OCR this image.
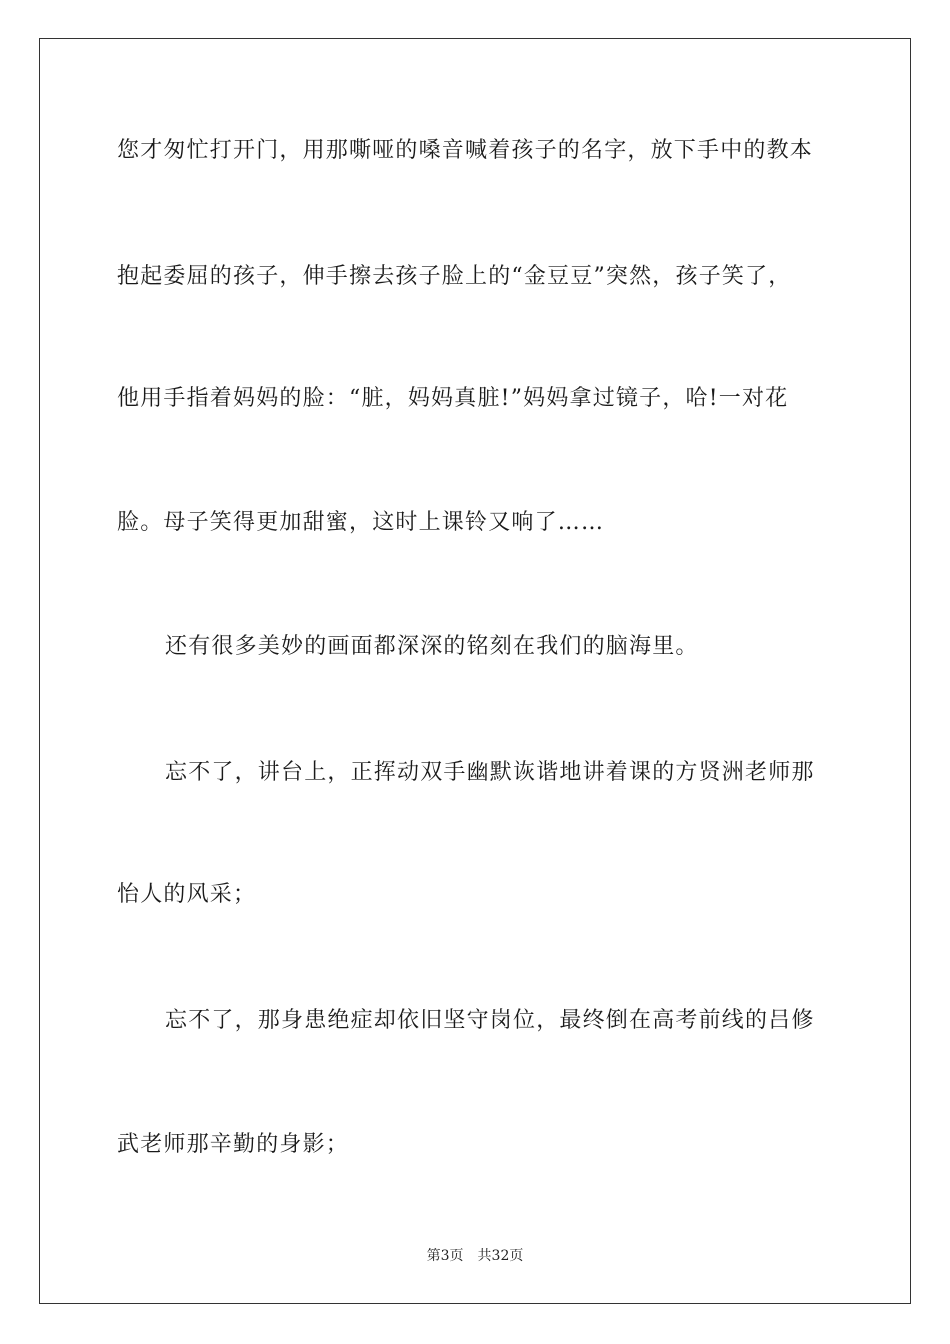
您才匆忙打开门，用那嘶哑的嗓音喊着孩子的名字，放下手中的教本
抱起委屈的孩子，伸手擦去孩子脸上的“金豆豆”突然，孩子笑了，
他用手指着妈妈的脸：“脏，妈妈真脏!”妈妈拿过镜子，哈!一对花
脸。母子笑得更加甜蜜，这时上课铃又响了……
还有很多美妙的画面都深深的铭刻在我们的脑海里。
忘不了，讲台上，正挥动双手幽默诙谐地讲着课的方贤洲老师那
怡人的风采；
忘不了，那身患绝症却依旧坚守岗位，最终倒在高考前线的吕修
武老师那辛勤的身影；
第3页 共32页
